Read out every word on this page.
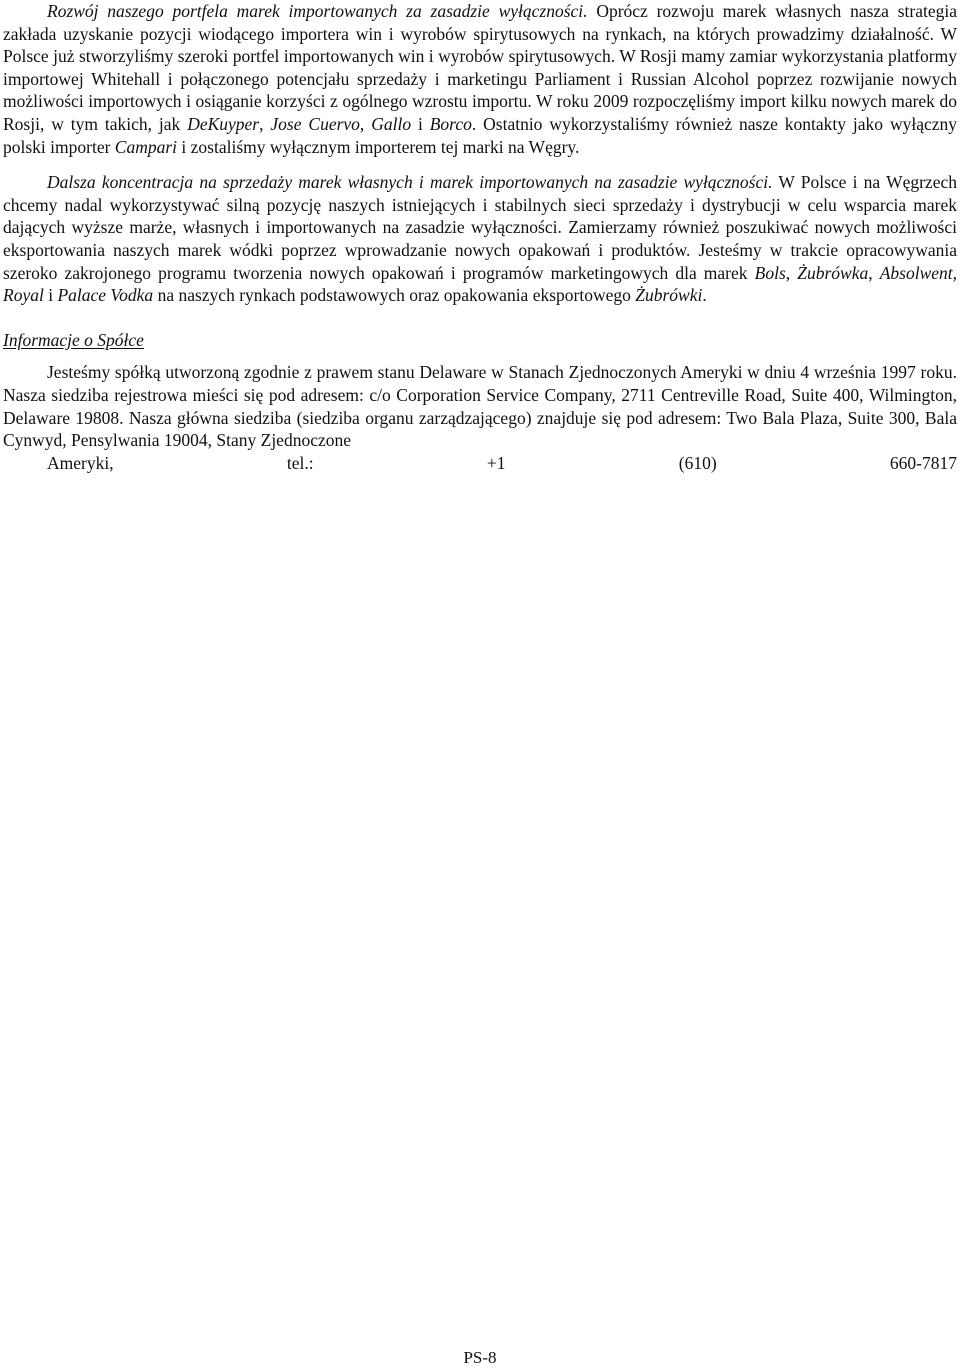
Rozwój naszego portfela marek importowanych za zasadzie wyłączności. Oprócz rozwoju marek własnych nasza strategia zakłada uzyskanie pozycji wiodącego importera win i wyrobów spirytusowych na rynkach, na których prowadzimy działalność. W Polsce już stworzyliśmy szeroki portfel importowanych win i wyrobów spirytusowych. W Rosji mamy zamiar wykorzystania platformy importowej Whitehall i połączonego potencjału sprzedaży i marketingu Parliament i Russian Alcohol poprzez rozwijanie nowych możliwości importowych i osiąganie korzyści z ogólnego wzrostu importu. W roku 2009 rozpoczęliśmy import kilku nowych marek do Rosji, w tym takich, jak DeKuyper, Jose Cuervo, Gallo i Borco. Ostatnio wykorzystaliśmy również nasze kontakty jako wyłączny polski importer Campari i zostaliśmy wyłącznym importerem tej marki na Węgry.

Dalsza koncentracja na sprzedaży marek własnych i marek importowanych na zasadzie wyłączności. W Polsce i na Węgrzech chcemy nadal wykorzystywać silną pozycję naszych istniejących i stabilnych sieci sprzedaży i dystrybucji w celu wsparcia marek dających wyższe marże, własnych i importowanych na zasadzie wyłączności. Zamierzamy również poszukiwać nowych możliwości eksportowania naszych marek wódki poprzez wprowadzanie nowych opakowań i produktów. Jesteśmy w trakcie opracowywania szeroko zakrojonego programu tworzenia nowych opakowań i programów marketingowych dla marek Bols, Żubrówka, Absolwent, Royal i Palace Vodka na naszych rynkach podstawowych oraz opakowania eksportowego Żubrówki.

Informacje o Spółce

Jesteśmy spółką utworzoną zgodnie z prawem stanu Delaware w Stanach Zjednoczonych Ameryki w dniu 4 września 1997 roku. Nasza siedziba rejestrowa mieści się pod adresem: c/o Corporation Service Company, 2711 Centreville Road, Suite 400, Wilmington, Delaware 19808. Nasza główna siedziba (siedziba organu zarządzającego) znajduje się pod adresem: Two Bala Plaza, Suite 300, Bala Cynwyd, Pensylwania 19004, Stany Zjednoczone
Ameryki, tel.: +1 (610) 660-7817

PS-8
